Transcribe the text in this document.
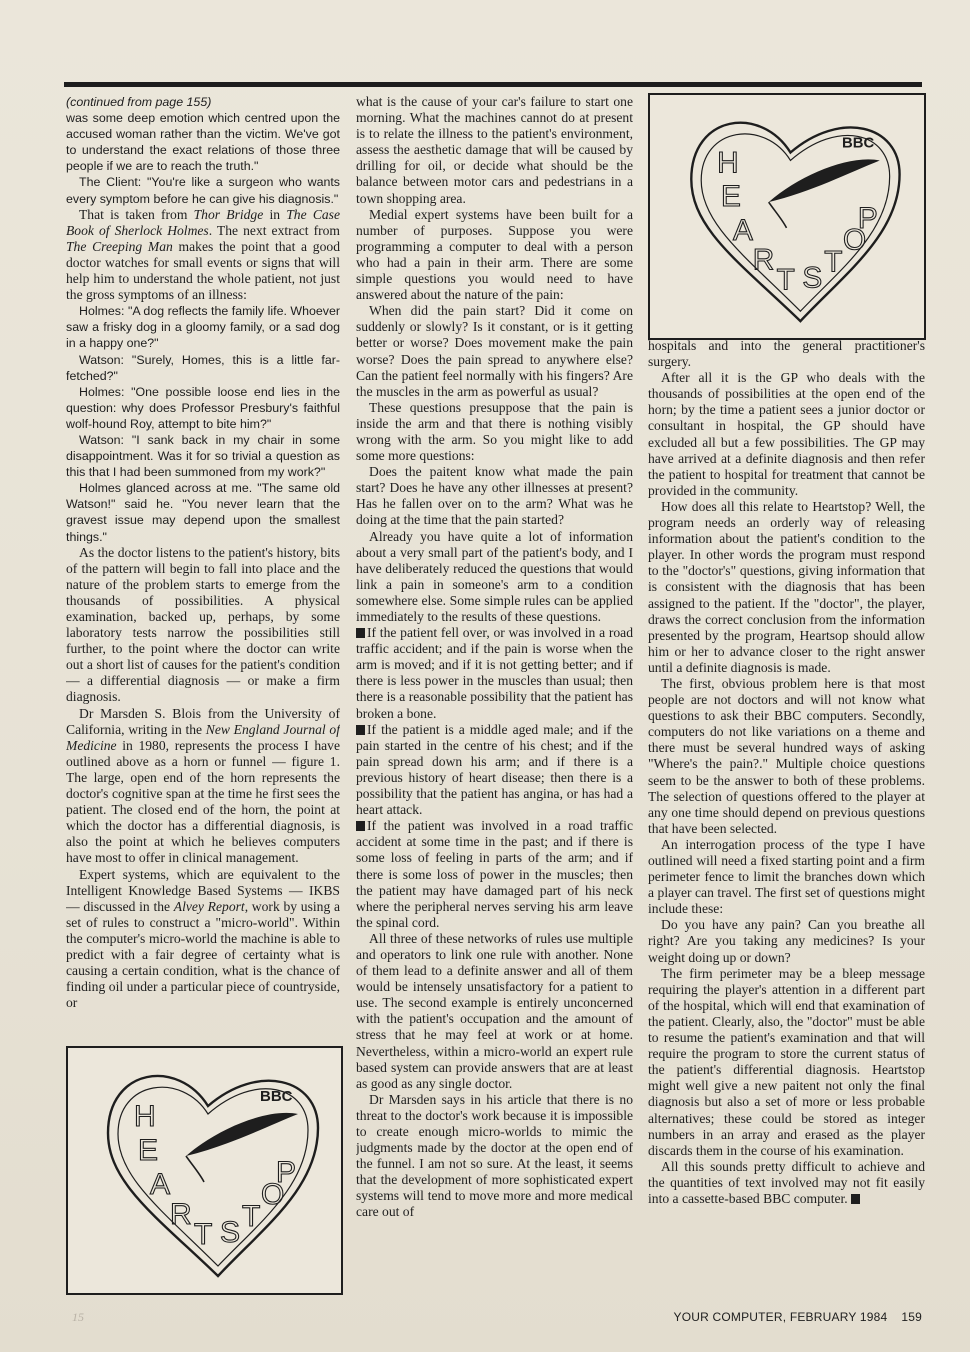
(continued from page 155)

was some deep emotion which centred upon the accused woman rather than the victim. We've got to understand the exact relations of those three people if we are to reach the truth."

The Client: "You're like a surgeon who wants every symptom before he can give his diagnosis."

That is taken from Thor Bridge in The Case Book of Sherlock Holmes. The next extract from The Creeping Man makes the point that a good doctor watches for small events or signs that will help him to understand the whole patient, not just the gross symptoms of an illness:

Holmes: "A dog reflects the family life. Whoever saw a frisky dog in a gloomy family, or a sad dog in a happy one?"

Watson: "Surely, Homes, this is a little far-fetched?"

Holmes: "One possible loose end lies in the question: why does Professor Presbury's faithful wolf-hound Roy, attempt to bite him?"

Watson: "I sank back in my chair in some disappointment. Was it for so trivial a question as this that I had been summoned from my work?"

Holmes glanced across at me. "The same old Watson!" said he. "You never learn that the gravest issue may depend upon the smallest things."

As the doctor listens to the patient's history, bits of the pattern will begin to fall into place and the nature of the problem starts to emerge from the thousands of possibilities. A physical examination, backed up, perhaps, by some laboratory tests narrow the possibilities still further, to the point where the doctor can write out a short list of causes for the patient's condition — a differential diagnosis — or make a firm diagnosis.

Dr Marsden S. Blois from the University of California, writing in the New England Journal of Medicine in 1980, represents the process I have outlined above as a horn or funnel — figure 1. The large, open end of the horn represents the doctor's cognitive span at the time he first sees the patient. The closed end of the horn, the point at which the doctor has a differential diagnosis, is also the point at which he believes computers have most to offer in clinical management.

Expert systems, which are equivalent to the Intelligent Knowledge Based Systems — IKBS — discussed in the Alvey Report, work by using a set of rules to construct a "micro-world". Within the computer's micro-world the machine is able to predict with a fair degree of certainty what is causing a certain condition, what is the chance of finding oil under a particular piece of countryside, or

BBC
H
E
A
R
T S T
O
P

what is the cause of your car's failure to start one morning. What the machines cannot do at present is to relate the illness to the patient's environment, assess the aesthetic damage that will be caused by drilling for oil, or decide what should be the balance between motor cars and pedestrians in a town shopping area.

Medial expert systems have been built for a number of purposes. Suppose you were programming a computer to deal with a person who had a pain in their arm. There are some simple questions you would need to have answered about the nature of the pain:

When did the pain start? Did it come on suddenly or slowly? Is it constant, or is it getting better or worse? Does movement make the pain worse? Does the pain spread to anywhere else? Can the patient feel normally with his fingers? Are the muscles in the arm as powerful as usual?

These questions presuppose that the pain is inside the arm and that there is nothing visibly wrong with the arm. So you might like to add some more questions:

Does the paitent know what made the pain start? Does he have any other illnesses at present? Has he fallen over on to the arm? What was he doing at the time that the pain started?

Already you have quite a lot of information about a very small part of the patient's body, and I have deliberately reduced the questions that would link a pain in someone's arm to a condition somewhere else. Some simple rules can be applied immediately to the results of these questions.

If the patient fell over, or was involved in a road traffic accident; and if the pain is worse when the arm is moved; and if it is not getting better; and if there is less power in the muscles than usual; then there is a reasonable possibility that the patient has broken a bone.

If the patient is a middle aged male; and if the pain started in the centre of his chest; and if the pain spread down his arm; and if there is a previous history of heart disease; then there is a possibility that the patient has angina, or has had a heart attack.

If the patient was involved in a road traffic accident at some time in the past; and if there is some loss of feeling in parts of the arm; and if there is some loss of power in the muscles; then the patient may have damaged part of his neck where the peripheral nerves serving his arm leave the spinal cord.

All three of these networks of rules use multiple and operators to link one rule with another. None of them lead to a definite answer and all of them would be intensely unsatisfactory for a patient to use. The second example is entirely unconcerned with the patient's occupation and the amount of stress that he may feel at work or at home. Nevertheless, within a micro-world an expert rule based system can provide answers that are at least as good as any single doctor.

Dr Marsden says in his article that there is no threat to the doctor's work because it is impossible to create enough micro-worlds to mimic the judgments made by the doctor at the open end of the funnel. I am not so sure. At the least, it seems that the development of more sophisticated expert systems will tend to move more and more medical care out of

BBC
H
E
A
R
T S T
O
P

hospitals and into the general practitioner's surgery.

After all it is the GP who deals with the thousands of possibilities at the open end of the horn; by the time a patient sees a junior doctor or consultant in hospital, the GP should have excluded all but a few possibilities. The GP may have arrived at a definite diagnosis and then refer the patient to hospital for treatment that cannot be provided in the community.

How does all this relate to Heartstop? Well, the program needs an orderly way of releasing information about the patient's condition to the player. In other words the program must respond to the "doctor's" questions, giving information that is consistent with the diagnosis that has been assigned to the patient. If the "doctor", the player, draws the correct conclusion from the information presented by the program, Heartsop should allow him or her to advance closer to the right answer until a definite diagnosis is made.

The first, obvious problem here is that most people are not doctors and will not know what questions to ask their BBC computers. Secondly, computers do not like variations on a theme and there must be several hundred ways of asking "Where's the pain?." Multiple choice questions seem to be the answer to both of these problems. The selection of questions offered to the player at any one time should depend on previous questions that have been selected.

An interrogation process of the type I have outlined will need a fixed starting point and a firm perimeter fence to limit the branches down which a player can travel. The first set of questions might include these:

Do you have any pain? Can you breathe all right? Are you taking any medicines? Is your weight doing up or down?

The firm perimeter may be a bleep message requiring the player's attention in a different part of the hospital, which will end that examination of the patient. Clearly, also, the "doctor" must be able to resume the patient's examination and that will require the program to store the current status of the patient's differential diagnosis. Heartstop might well give a new paitent not only the final diagnosis but also a set of more or less probable alternatives; these could be stored as integer numbers in an array and erased as the player discards them in the course of his examination.

All this sounds pretty difficult to achieve and the quantities of text involved may not fit easily into a cassette-based BBC computer.

15	YOUR COMPUTER, FEBRUARY 1984 159
